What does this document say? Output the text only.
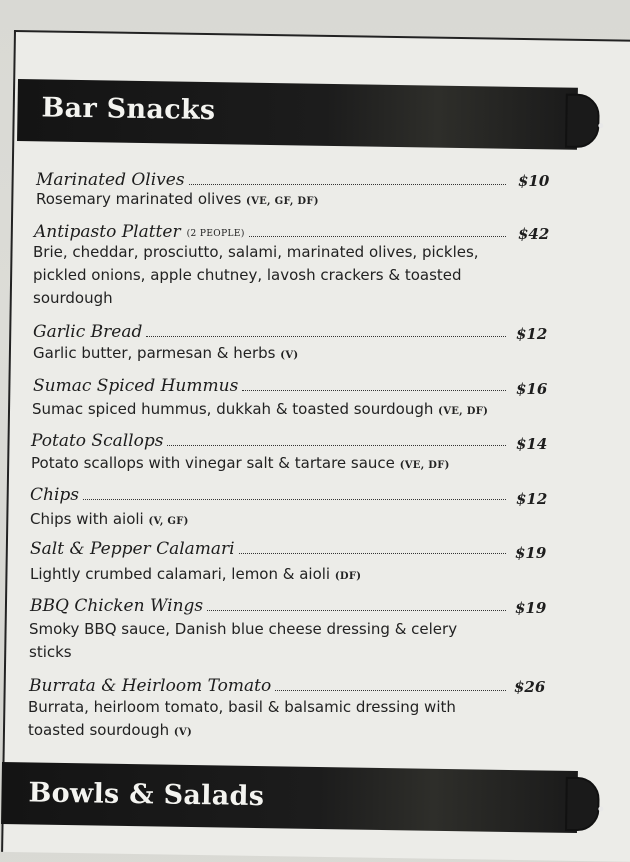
Bar Snacks
Marinated Olives	$10
Rosemary marinated olives (VE, GF, DF)
Antipasto Platter (2 PEOPLE)	$42
Brie, cheddar, prosciutto, salami, marinated olives, pickles, pickled onions, apple chutney, lavosh crackers & toasted sourdough
Garlic Bread	$12
Garlic butter, parmesan & herbs (V)
Sumac Spiced Hummus	$16
Sumac spiced hummus, dukkah & toasted sourdough (VE, DF)
Potato Scallops	$14
Potato scallops with vinegar salt & tartare sauce (VE, DF)
Chips	$12
Chips with aioli (V, GF)
Salt & Pepper Calamari	$19
Lightly crumbed calamari, lemon & aioli (DF)
BBQ Chicken Wings	$19
Smoky BBQ sauce, Danish blue cheese dressing & celery sticks
Burrata & Heirloom Tomato	$26
Burrata, heirloom tomato, basil & balsamic dressing with toasted sourdough (V)
Bowls & Salads
